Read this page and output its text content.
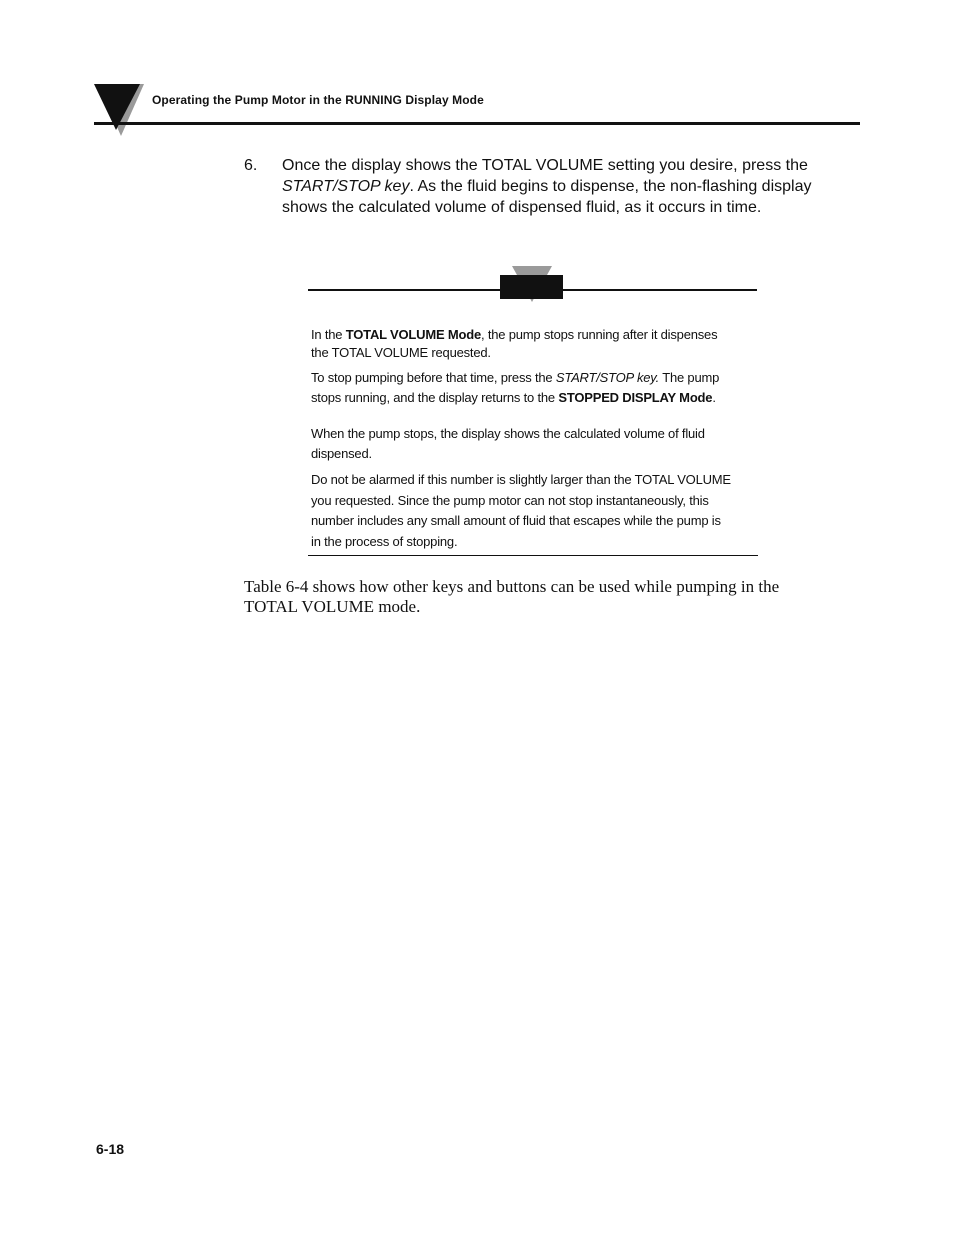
Operating the Pump Motor in the RUNNING Display Mode
6. Once the display shows the TOTAL VOLUME setting you desire, press the
START/STOP key. As the fluid begins to dispense, the non-flashing display
shows the calculated volume of dispensed fluid, as it occurs in time.
In the TOTAL VOLUME Mode, the pump stops running after it dispenses
the TOTAL VOLUME requested.
To stop pumping before that time, press the START/STOP key. The pump
stops running, and the display returns to the STOPPED DISPLAY Mode.
When the pump stops, the display shows the calculated volume of fluid
dispensed.
Do not be alarmed if this number is slightly larger than the TOTAL VOLUME
you requested. Since the pump motor can not stop instantaneously, this
number includes any small amount of fluid that escapes while the pump is
in the process of stopping.
Table 6-4 shows how other keys and buttons can be used while pumping in the
TOTAL VOLUME mode.
6-18
